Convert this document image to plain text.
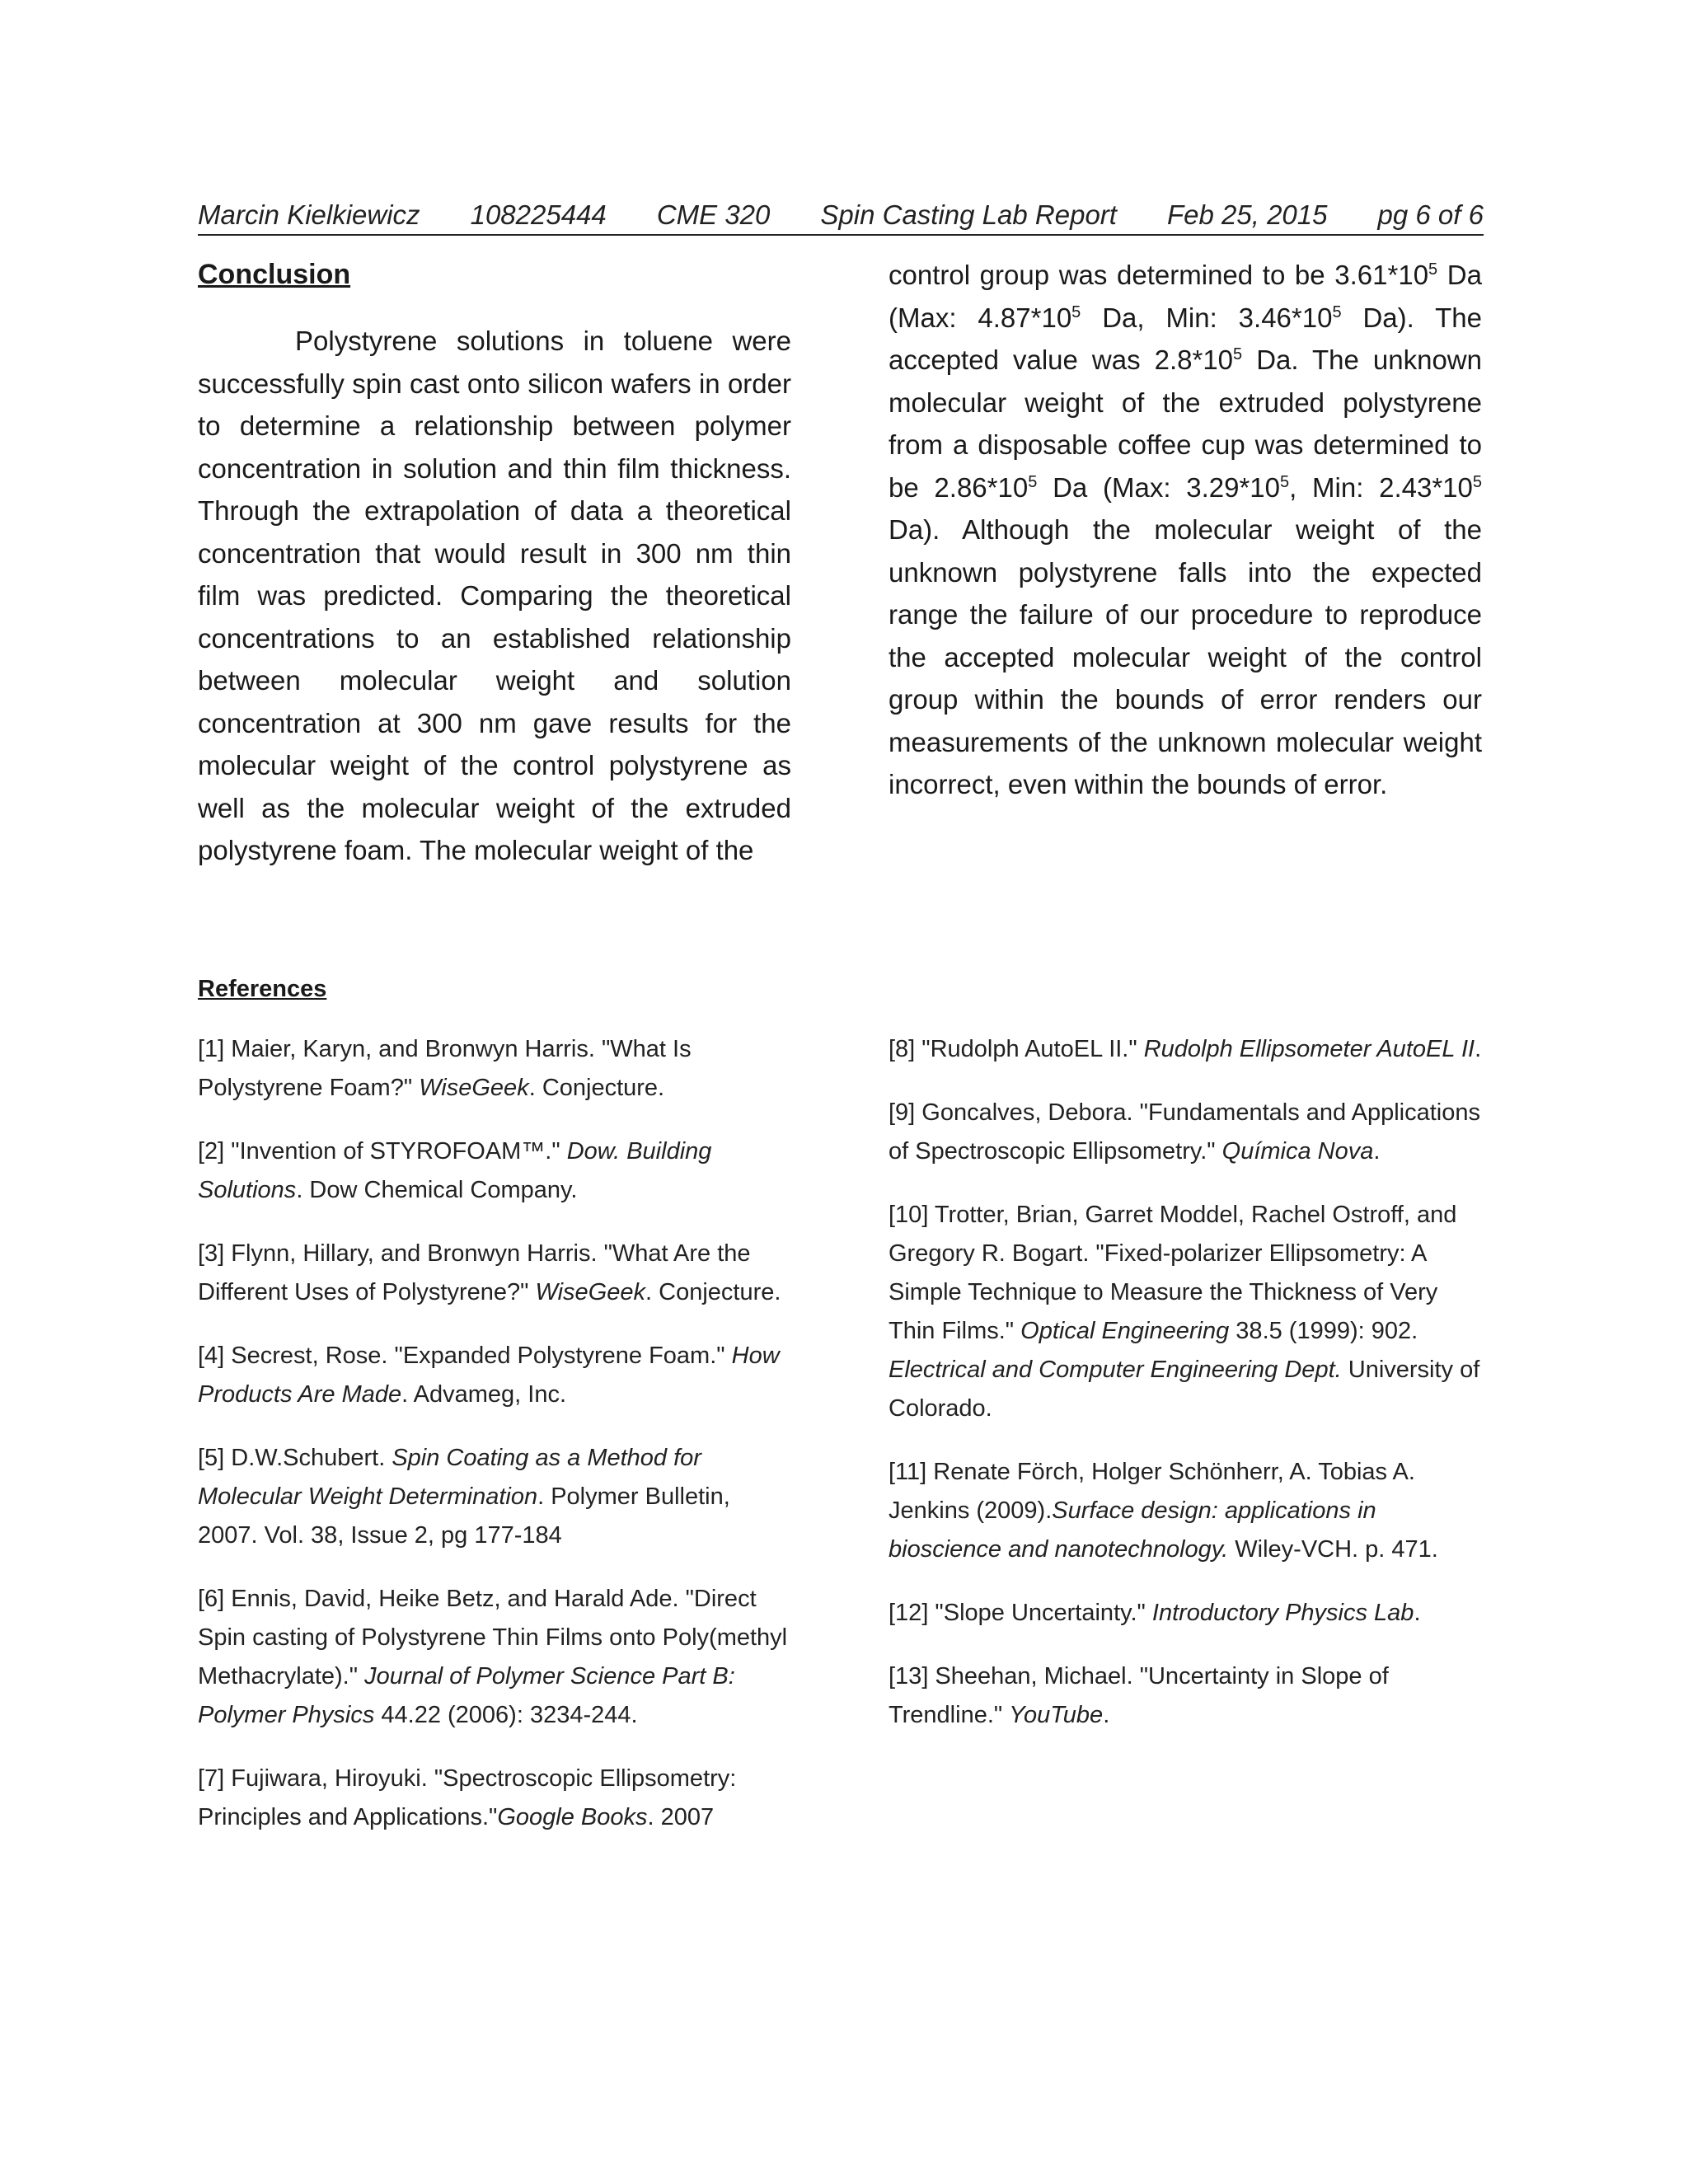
Marcin Kielkiewicz 108225444 CME 320 Spin Casting Lab Report Feb 25, 2015 pg 6 of 6
Conclusion

Polystyrene solutions in toluene were successfully spin cast onto silicon wafers in order to determine a relationship between polymer concentration in solution and thin film thickness. Through the extrapolation of data a theoretical concentration that would result in 300 nm thin film was predicted. Comparing the theoretical concentrations to an established relationship between molecular weight and solution concentration at 300 nm gave results for the molecular weight of the control polystyrene as well as the molecular weight of the extruded polystyrene foam. The molecular weight of the

control group was determined to be $3.61*10^5$ Da (Max: $4.87*10^5$ Da, Min: $3.46*10^5$ Da). The accepted value was $2.8*10^5$ Da. The unknown molecular weight of the extruded polystyrene from a disposable coffee cup was determined to be $2.86*10^5$ Da (Max: $3.29*10^5$, Min: $2.43*10^5$ Da). Although the molecular weight of the unknown polystyrene falls into the expected range the failure of our procedure to reproduce the accepted molecular weight of the control group within the bounds of error renders our measurements of the unknown molecular weight incorrect, even within the bounds of error.

References

[1] Maier, Karyn, and Bronwyn Harris. "What Is Polystyrene Foam?" WiseGeek. Conjecture.

[2] "Invention of STYROFOAM™." Dow. Building Solutions. Dow Chemical Company.

[3] Flynn, Hillary, and Bronwyn Harris. "What Are the Different Uses of Polystyrene?" WiseGeek. Conjecture.

[4] Secrest, Rose. "Expanded Polystyrene Foam." How Products Are Made. Advameg, Inc.

[5] D.W.Schubert. Spin Coating as a Method for Molecular Weight Determination. Polymer Bulletin, 2007. Vol. 38, Issue 2, pg 177-184

[6] Ennis, David, Heike Betz, and Harald Ade. "Direct Spin casting of Polystyrene Thin Films onto Poly(methyl Methacrylate)." Journal of Polymer Science Part B: Polymer Physics 44.22 (2006): 3234-244.

[7] Fujiwara, Hiroyuki. "Spectroscopic Ellipsometry: Principles and Applications."Google Books. 2007

[8] "Rudolph AutoEL II." Rudolph Ellipsometer AutoEL II.

[9] Goncalves, Debora. "Fundamentals and Applications of Spectroscopic Ellipsometry." Química Nova.

[10] Trotter, Brian, Garret Moddel, Rachel Ostroff, and Gregory R. Bogart. "Fixed-polarizer Ellipsometry: A Simple Technique to Measure the Thickness of Very Thin Films." Optical Engineering 38.5 (1999): 902. Electrical and Computer Engineering Dept. University of Colorado.

[11] Renate Förch, Holger Schönherr, A. Tobias A. Jenkins (2009).Surface design: applications in bioscience and nanotechnology. Wiley-VCH. p. 471.

[12] "Slope Uncertainty." Introductory Physics Lab.

[13] Sheehan, Michael. "Uncertainty in Slope of Trendline." YouTube.
